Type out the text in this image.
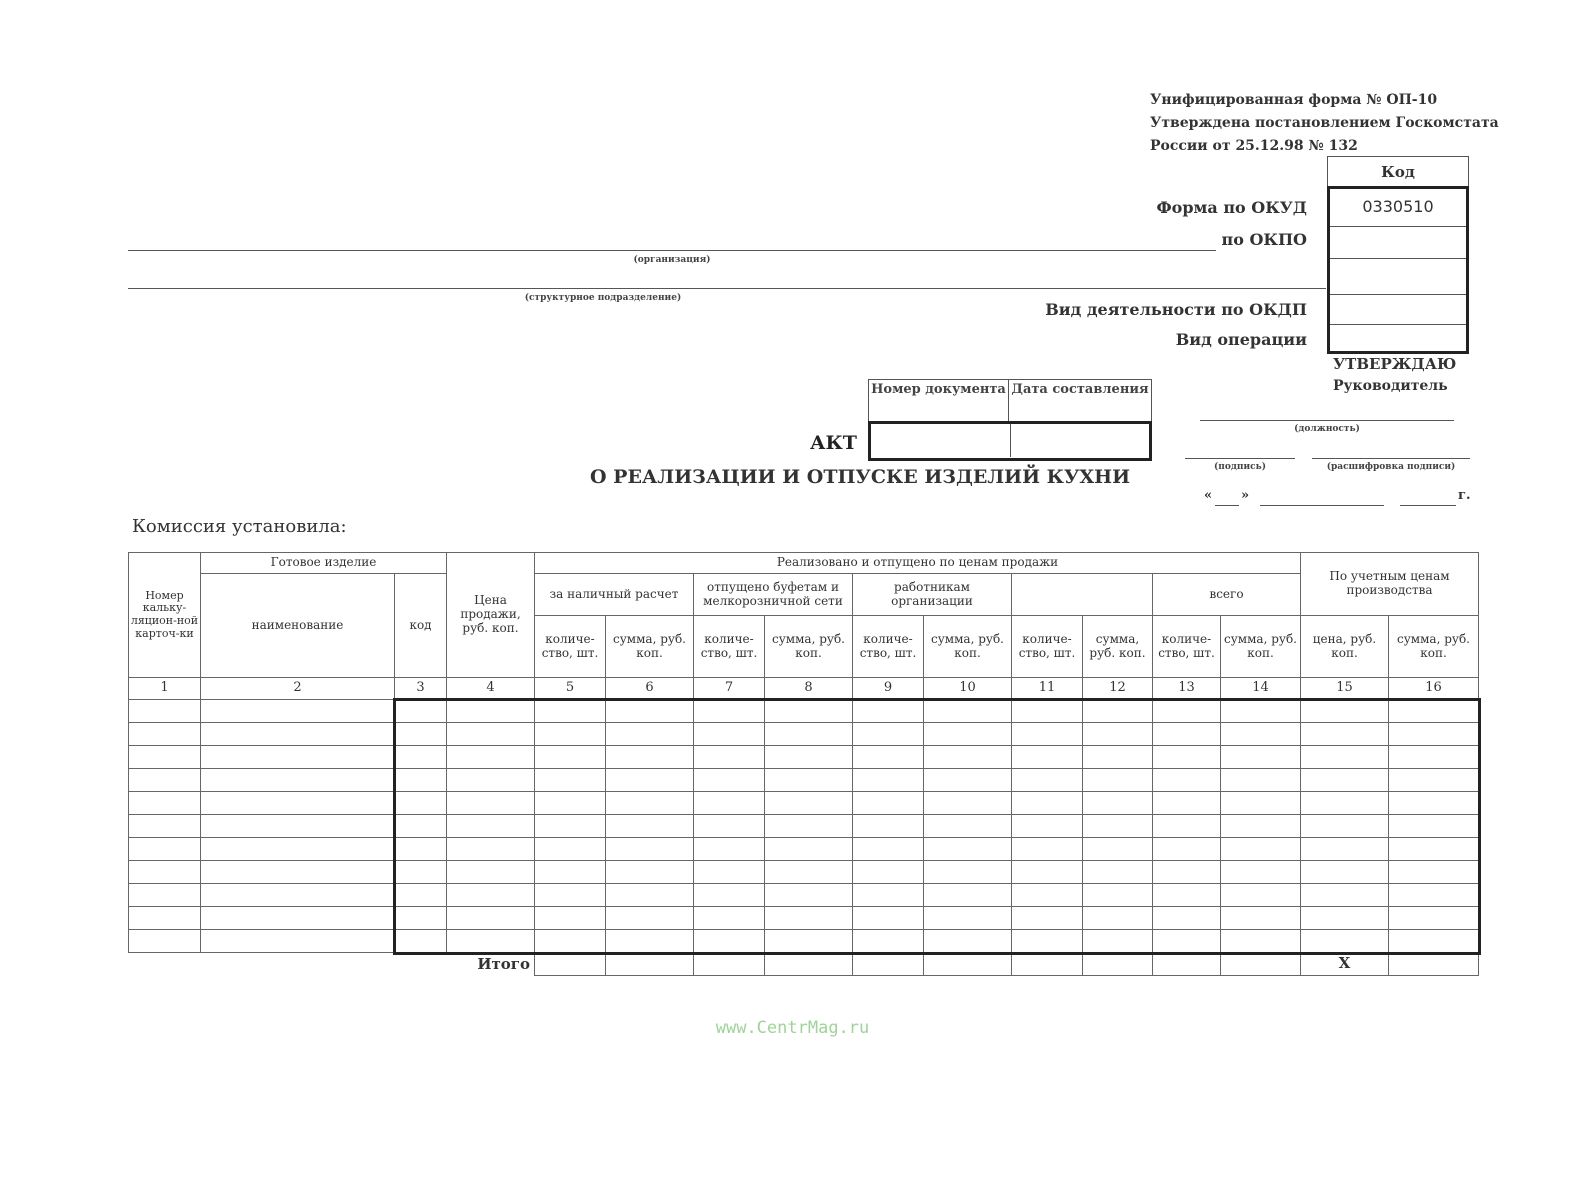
Унифицированная форма № ОП-10
Утверждена постановлением Госкомстата
России от 25.12.98 № 132
Код
0330510
Форма по ОКУД
по ОКПО
Вид деятельности по ОКДП
Вид операции
(организация)
(структурное подразделение)
УТВЕРЖДАЮ
Руководитель
(должность)
(подпись)	(расшифровка подписи)
« »	г.
Номер документа Дата составления
АКТ
О РЕАЛИЗАЦИИ И ОТПУСКЕ ИЗДЕЛИЙ КУХНИ
Комиссия установила:
Номер кальку-ляцион-ной карточ-ки	Готовое изделие		Цена продажи, руб. коп.	Реализовано и отпущено по ценам продажи										По учетным ценам производства	
	наименование	код		за наличный расчет		отпущено буфетам и мелкорозничной сети		работникам организации				всего			
				количе-ство, шт.	сумма, руб. коп.	количе-ство, шт.	сумма, руб. коп.	количе-ство, шт.	сумма, руб. коп.	количе-ство, шт.	сумма, руб. коп.	количе-ство, шт.	сумма, руб. коп.	цена, руб. коп.	сумма, руб. коп.
1	2	3	4	5	6	7	8	9	10	11	12	13	14	15	16

			Итого											Х	
www.CentrMag.ru
